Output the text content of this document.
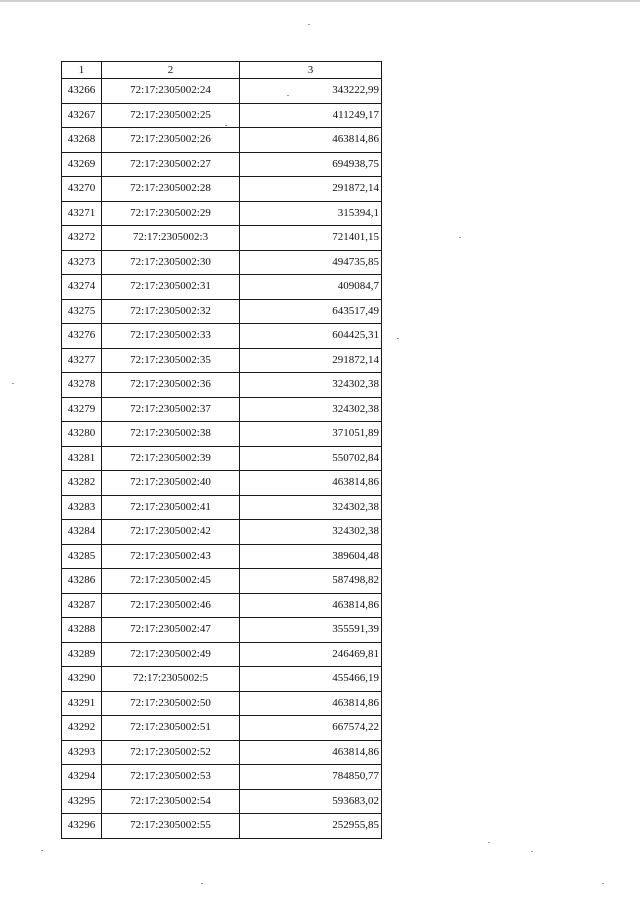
1	2	3
43266	72:17:2305002:24	343222,99
43267	72:17:2305002:25	411249,17
43268	72:17:2305002:26	463814,86
43269	72:17:2305002:27	694938,75
43270	72:17:2305002:28	291872,14
43271	72:17:2305002:29	315394,1
43272	72:17:2305002:3	721401,15
43273	72:17:2305002:30	494735,85
43274	72:17:2305002:31	409084,7
43275	72:17:2305002:32	643517,49
43276	72:17:2305002:33	604425,31
43277	72:17:2305002:35	291872,14
43278	72:17:2305002:36	324302,38
43279	72:17:2305002:37	324302,38
43280	72:17:2305002:38	371051,89
43281	72:17:2305002:39	550702,84
43282	72:17:2305002:40	463814,86
43283	72:17:2305002:41	324302,38
43284	72:17:2305002:42	324302,38
43285	72:17:2305002:43	389604,48
43286	72:17:2305002:45	587498,82
43287	72:17:2305002:46	463814,86
43288	72:17:2305002:47	355591,39
43289	72:17:2305002:49	246469,81
43290	72:17:2305002:5	455466,19
43291	72:17:2305002:50	463814,86
43292	72:17:2305002:51	667574,22
43293	72:17:2305002:52	463814,86
43294	72:17:2305002:53	784850,77
43295	72:17:2305002:54	593683,02
43296	72:17:2305002:55	252955,85
